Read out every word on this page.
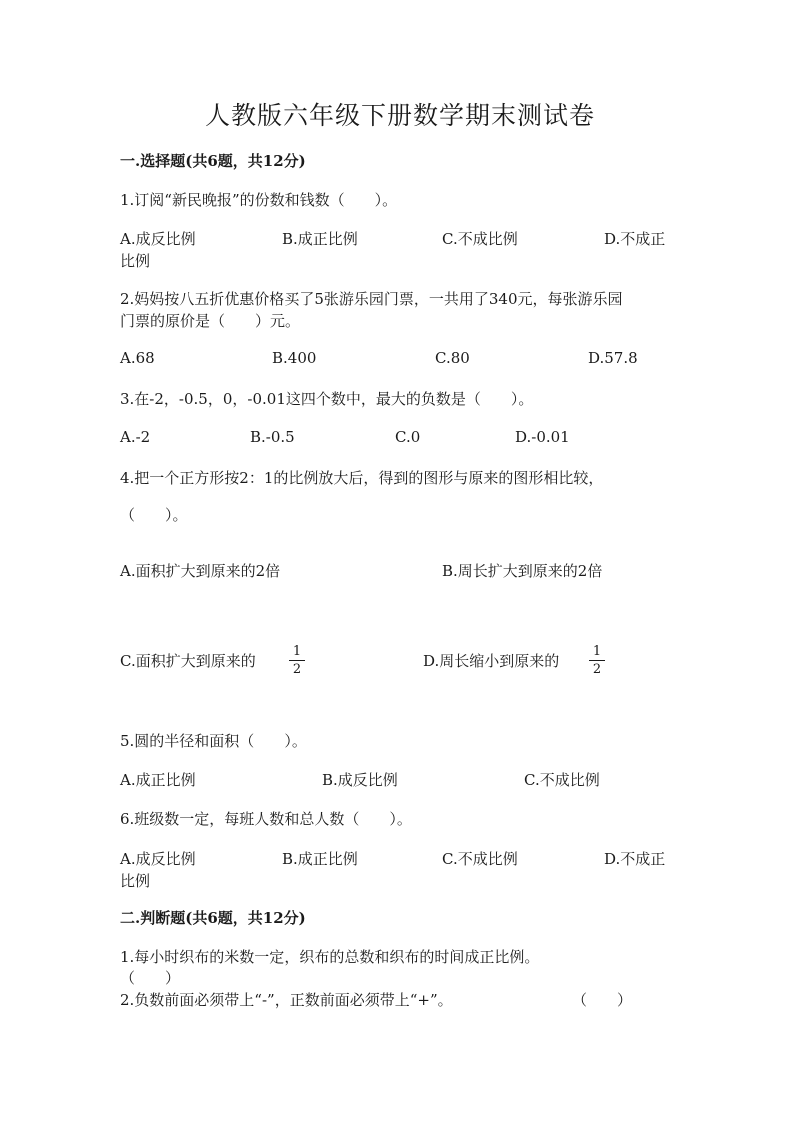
人教版六年级下册数学期末测试卷
一.选择题(共6题，共12分)
1.订阅“新民晚报”的份数和钱数（　　）。
A.成反比例	B.成正比例	C.不成比例	D.不成正
比例
2.妈妈按八五折优惠价格买了5张游乐园门票，一共用了340元，每张游乐园
门票的原价是（　　）元。
A.68	B.400	C.80	D.57.8
3.在-2，-0.5，0，-0.01这四个数中，最大的负数是（　　）。
A.-2	B.-0.5	C.0	D.-0.01
4.把一个正方形按2：1的比例放大后，得到的图形与原来的图形相比较，
（　　）。
A.面积扩大到原来的2倍	B.周长扩大到原来的2倍
C.面积扩大到原来的
1
2	D.周长缩小到原来的
1
2
5.圆的半径和面积（　　）。
A.成正比例	B.成反比例	C.不成比例
6.班级数一定，每班人数和总人数（　　）。
A.成反比例	B.成正比例	C.不成比例	D.不成正
比例
二.判断题(共6题，共12分)
1.每小时织布的米数一定，织布的总数和织布的时间成正比例。
（　　）
2.负数前面必须带上“-”，正数前面必须带上“+”。	（　　）
